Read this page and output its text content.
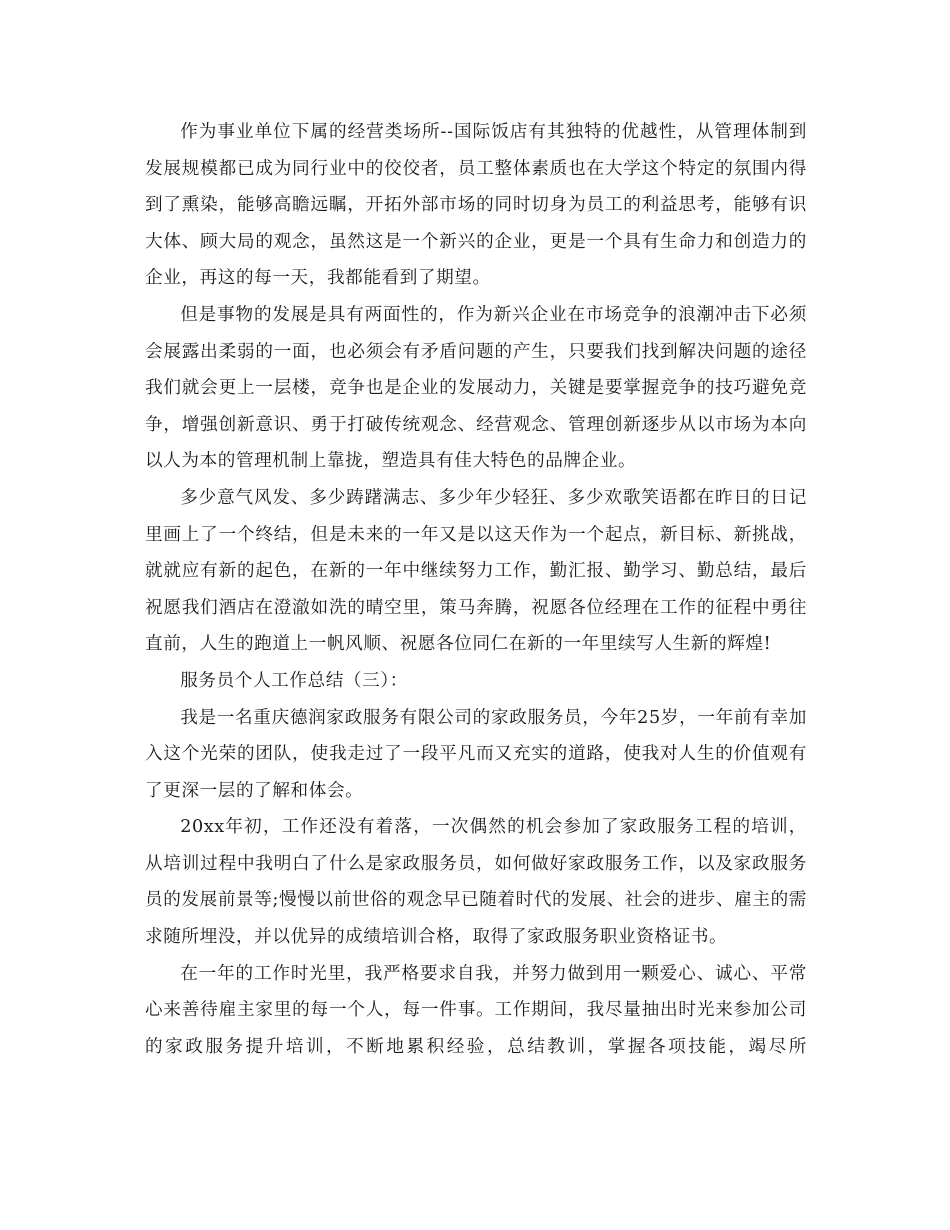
作为事业单位下属的经营类场所--国际饭店有其独特的优越性，从管理体制到发展规模都已成为同行业中的佼佼者，员工整体素质也在大学这个特定的氛围内得到了熏染，能够高瞻远瞩，开拓外部市场的同时切身为员工的利益思考，能够有识大体、顾大局的观念，虽然这是一个新兴的企业，更是一个具有生命力和创造力的企业，再这的每一天，我都能看到了期望。

但是事物的发展是具有两面性的，作为新兴企业在市场竞争的浪潮冲击下必须会展露出柔弱的一面，也必须会有矛盾问题的产生，只要我们找到解决问题的途径我们就会更上一层楼，竞争也是企业的发展动力，关键是要掌握竞争的技巧避免竞争，增强创新意识、勇于打破传统观念、经营观念、管理创新逐步从以市场为本向以人为本的管理机制上靠拢，塑造具有佳大特色的品牌企业。

多少意气风发、多少踌躇满志、多少年少轻狂、多少欢歌笑语都在昨日的日记里画上了一个终结，但是未来的一年又是以这天作为一个起点，新目标、新挑战，就就应有新的起色，在新的一年中继续努力工作，勤汇报、勤学习、勤总结，最后祝愿我们酒店在澄澈如洗的晴空里，策马奔腾，祝愿各位经理在工作的征程中勇往直前，人生的跑道上一帆风顺、祝愿各位同仁在新的一年里续写人生新的辉煌!

服务员个人工作总结（三）：

我是一名重庆德润家政服务有限公司的家政服务员，今年25岁，一年前有幸加入这个光荣的团队，使我走过了一段平凡而又充实的道路，使我对人生的价值观有了更深一层的了解和体会。

20xx年初，工作还没有着落，一次偶然的机会参加了家政服务工程的培训，从培训过程中我明白了什么是家政服务员，如何做好家政服务工作，以及家政服务员的发展前景等;慢慢以前世俗的观念早已随着时代的发展、社会的进步、雇主的需求随所埋没，并以优异的成绩培训合格，取得了家政服务职业资格证书。

在一年的工作时光里，我严格要求自我，并努力做到用一颗爱心、诚心、平常心来善待雇主家里的每一个人，每一件事。工作期间，我尽量抽出时光来参加公司的家政服务提升培训，不断地累积经验，总结教训，掌握各项技能，竭尽所
